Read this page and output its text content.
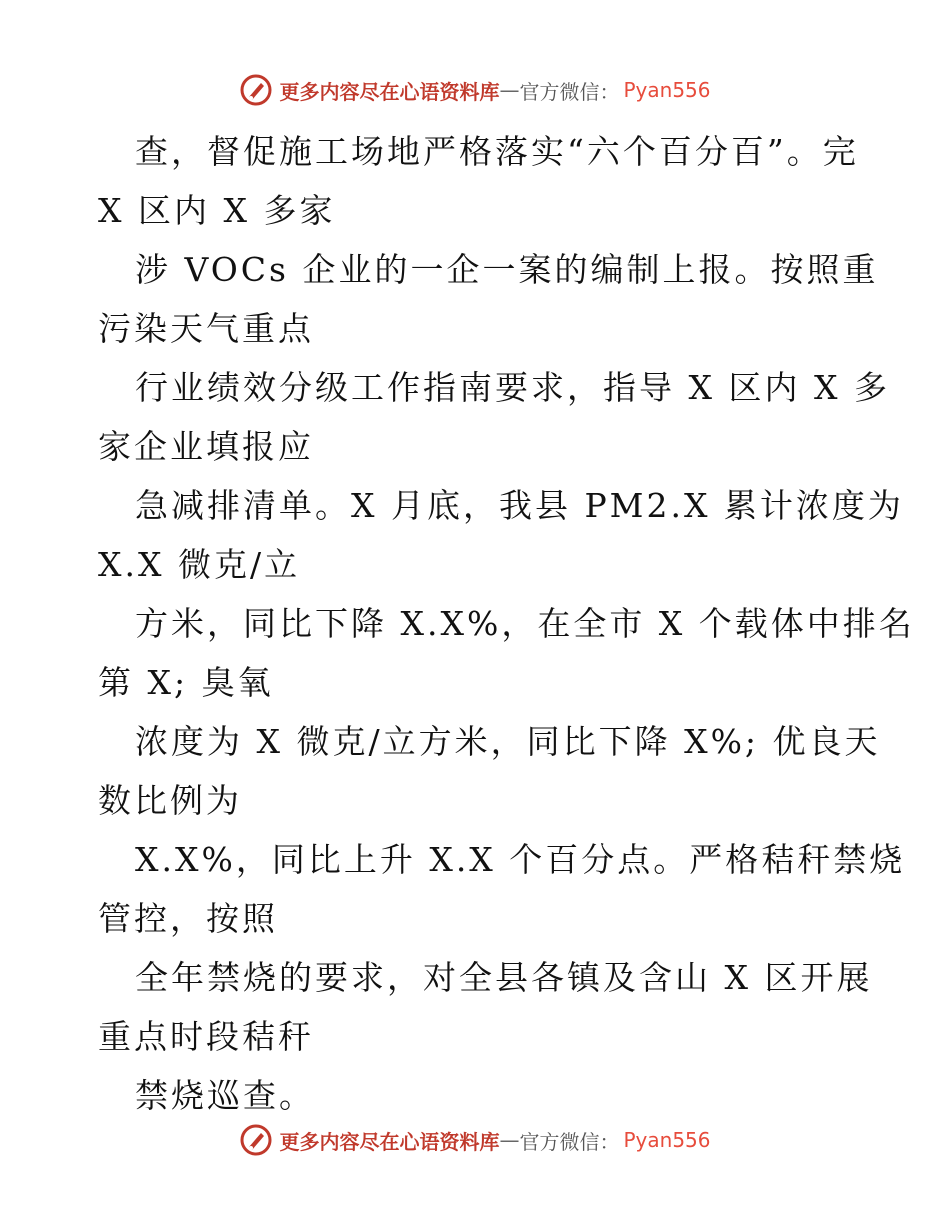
更多内容尽在心语资料库 — 官方微信： Pyan556
查，督促施工场地严格落实“六个百分百”。完
X 区内 X 多家
涉 VOCs 企业的一企一案的编制上报。按照重
污染天气重点
行业绩效分级工作指南要求，指导 X 区内 X 多
家企业填报应
急减排清单。X 月底，我县 PM2.X 累计浓度为
X.X 微克/立
方米，同比下降 X.X%，在全市 X 个载体中排名
第 X; 臭氧
浓度为 X 微克/立方米，同比下降 X%; 优良天
数比例为
X.X%，同比上升 X.X 个百分点。严格秸秆禁烧
管控，按照
全年禁烧的要求，对全县各镇及含山 X 区开展
重点时段秸秆
禁烧巡查。
更多内容尽在心语资料库 — 官方微信： Pyan556
